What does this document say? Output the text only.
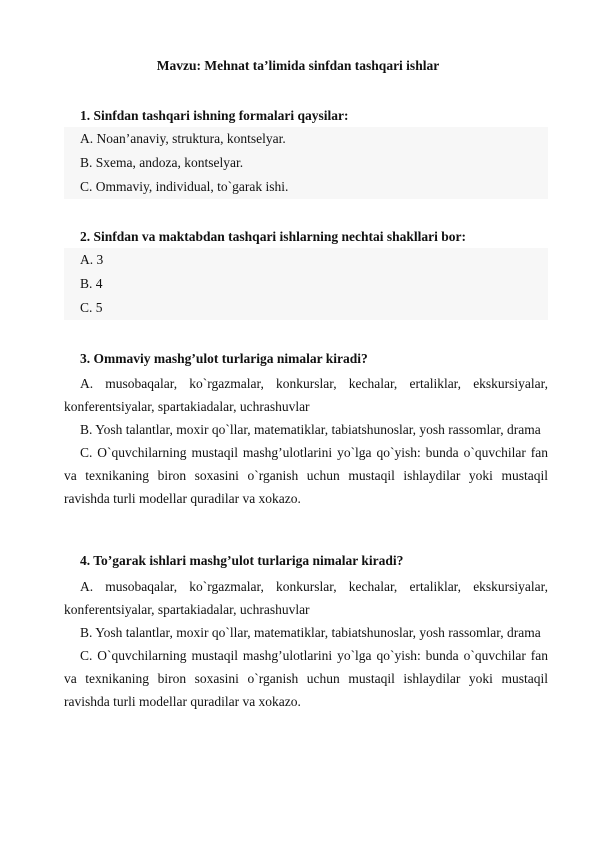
Mavzu: Mehnat ta’limida sinfdan tashqari ishlar
1. Sinfdan tashqari ishning formalari qaysilar:
A. Noan’anaviy, struktura, kontselyar.
B. Sxema, andoza, kontselyar.
C. Ommaviy, individual, to`garak ishi.
2. Sinfdan va maktabdan tashqari ishlarning nechtai shakllari bor:
A. 3
B. 4
C. 5
3. Ommaviy mashg’ulot turlariga nimalar kiradi?
A. musobaqalar, ko`rgazmalar, konkurslar, kechalar, ertaliklar, ekskursiyalar, konferentsiyalar, spartakiadalar, uchrashuvlar
B. Yosh talantlar, moxir qo`llar, matematiklar, tabiatshunoslar, yosh rassomlar, drama
C. O`quvchilarning mustaqil mashg’ulotlarini yo`lga qo`yish: bunda o`quvchilar fan va texnikaning biron soxasini o`rganish uchun mustaqil ishlaydilar yoki mustaqil ravishda turli modellar quradilar va xokazo.
4. To’garak ishlari mashg’ulot turlariga nimalar kiradi?
A. musobaqalar, ko`rgazmalar, konkurslar, kechalar, ertaliklar, ekskursiyalar, konferentsiyalar, spartakiadalar, uchrashuvlar
B. Yosh talantlar, moxir qo`llar, matematiklar, tabiatshunoslar, yosh rassomlar, drama
C. O`quvchilarning mustaqil mashg’ulotlarini yo`lga qo`yish: bunda o`quvchilar fan va texnikaning biron soxasini o`rganish uchun mustaqil ishlaydilar yoki mustaqil ravishda turli modellar quradilar va xokazo.
